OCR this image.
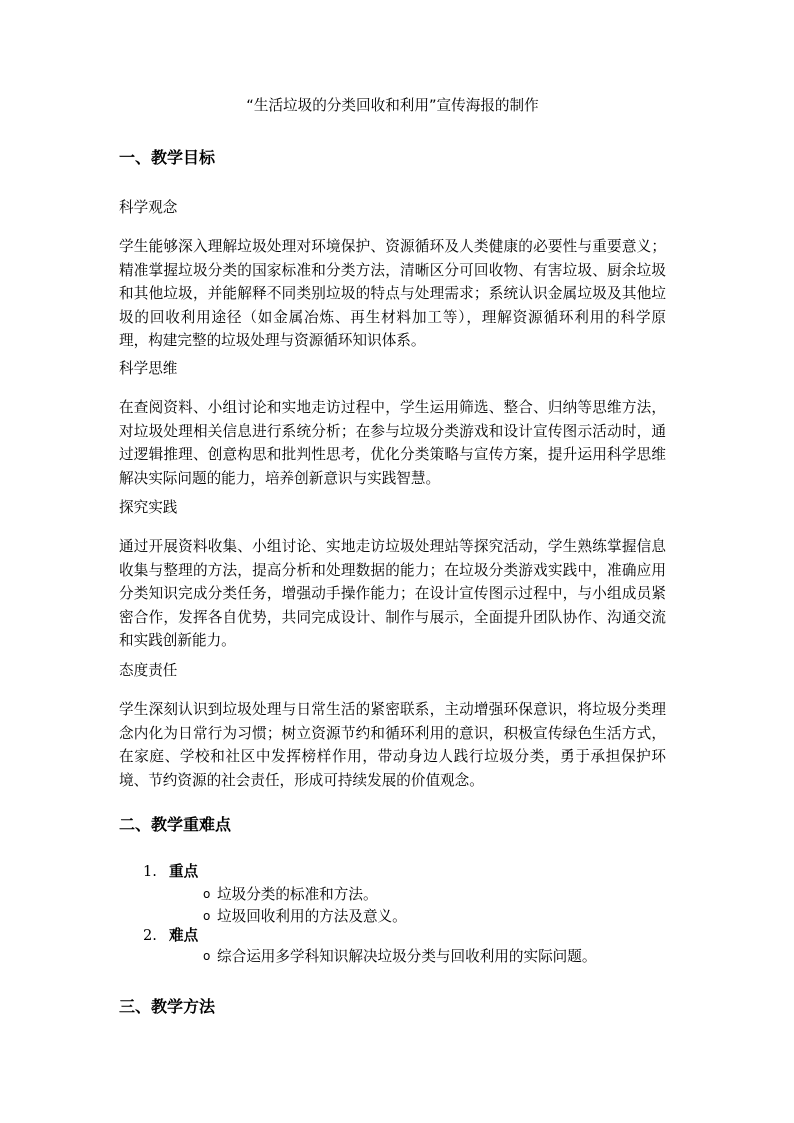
“生活垃圾的分类回收和利用”宣传海报的制作
一、教学目标
科学观念
学生能够深入理解垃圾处理对环境保护、资源循环及人类健康的必要性与重要意义；精准掌握垃圾分类的国家标准和分类方法，清晰区分可回收物、有害垃圾、厨余垃圾和其他垃圾，并能解释不同类别垃圾的特点与处理需求；系统认识金属垃圾及其他垃圾的回收利用途径（如金属冶炼、再生材料加工等），理解资源循环利用的科学原理，构建完整的垃圾处理与资源循环知识体系。
科学思维
在查阅资料、小组讨论和实地走访过程中，学生运用筛选、整合、归纳等思维方法，对垃圾处理相关信息进行系统分析；在参与垃圾分类游戏和设计宣传图示活动时，通过逻辑推理、创意构思和批判性思考，优化分类策略与宣传方案，提升运用科学思维解决实际问题的能力，培养创新意识与实践智慧。
探究实践
通过开展资料收集、小组讨论、实地走访垃圾处理站等探究活动，学生熟练掌握信息收集与整理的方法，提高分析和处理数据的能力；在垃圾分类游戏实践中，准确应用分类知识完成分类任务，增强动手操作能力；在设计宣传图示过程中，与小组成员紧密合作，发挥各自优势，共同完成设计、制作与展示，全面提升团队协作、沟通交流和实践创新能力。
态度责任
学生深刻认识到垃圾处理与日常生活的紧密联系，主动增强环保意识，将垃圾分类理念内化为日常行为习惯；树立资源节约和循环利用的意识，积极宣传绿色生活方式，在家庭、学校和社区中发挥榜样作用，带动身边人践行垃圾分类，勇于承担保护环境、节约资源的社会责任，形成可持续发展的价值观念。
二、教学重难点
1. 重点
o 垃圾分类的标准和方法。
o 垃圾回收利用的方法及意义。
2. 难点
o 综合运用多学科知识解决垃圾分类与回收利用的实际问题。
三、教学方法
